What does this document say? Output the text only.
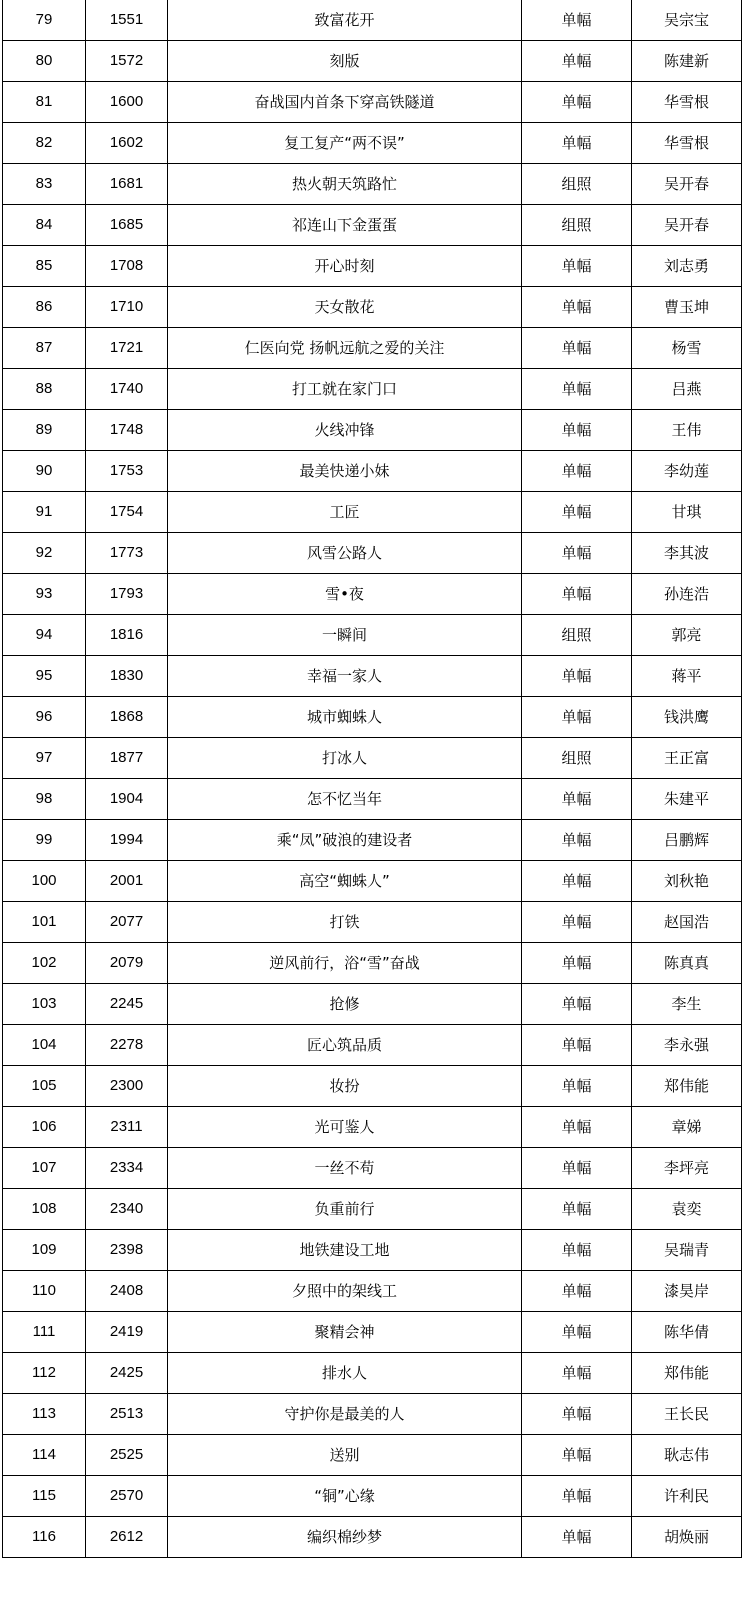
79	1551	致富花开	单幅	吴宗宝
80	1572	刻版	单幅	陈建新
81	1600	奋战国内首条下穿高铁隧道	单幅	华雪根
82	1602	复工复产“两不误”	单幅	华雪根
83	1681	热火朝天筑路忙	组照	吴开春
84	1685	祁连山下金蛋蛋	组照	吴开春
85	1708	开心时刻	单幅	刘志勇
86	1710	天女散花	单幅	曹玉坤
87	1721	仁医向党 扬帆远航之爱的关注	单幅	杨雪
88	1740	打工就在家门口	单幅	吕燕
89	1748	火线冲锋	单幅	王伟
90	1753	最美快递小妹	单幅	李幼莲
91	1754	工匠	单幅	甘琪
92	1773	风雪公路人	单幅	李其波
93	1793	雪•夜	单幅	孙连浩
94	1816	一瞬间	组照	郭亮
95	1830	幸福一家人	单幅	蒋平
96	1868	城市蜘蛛人	单幅	钱洪鹰
97	1877	打冰人	组照	王正富
98	1904	怎不忆当年	单幅	朱建平
99	1994	乘“凤”破浪的建设者	单幅	吕鹏辉
100	2001	高空“蜘蛛人”	单幅	刘秋艳
101	2077	打铁	单幅	赵国浩
102	2079	逆风前行，浴“雪”奋战	单幅	陈真真
103	2245	抢修	单幅	李生
104	2278	匠心筑品质	单幅	李永强
105	2300	妆扮	单幅	郑伟能
106	2311	光可鉴人	单幅	章娣
107	2334	一丝不苟	单幅	李坪亮
108	2340	负重前行	单幅	袁奕
109	2398	地铁建设工地	单幅	吴瑞青
110	2408	夕照中的架线工	单幅	漆昊岸
111	2419	聚精会神	单幅	陈华倩
112	2425	排水人	单幅	郑伟能
113	2513	守护你是最美的人	单幅	王长民
114	2525	送别	单幅	耿志伟
115	2570	“铜”心缘	单幅	许利民
116	2612	编织棉纱梦	单幅	胡焕丽
